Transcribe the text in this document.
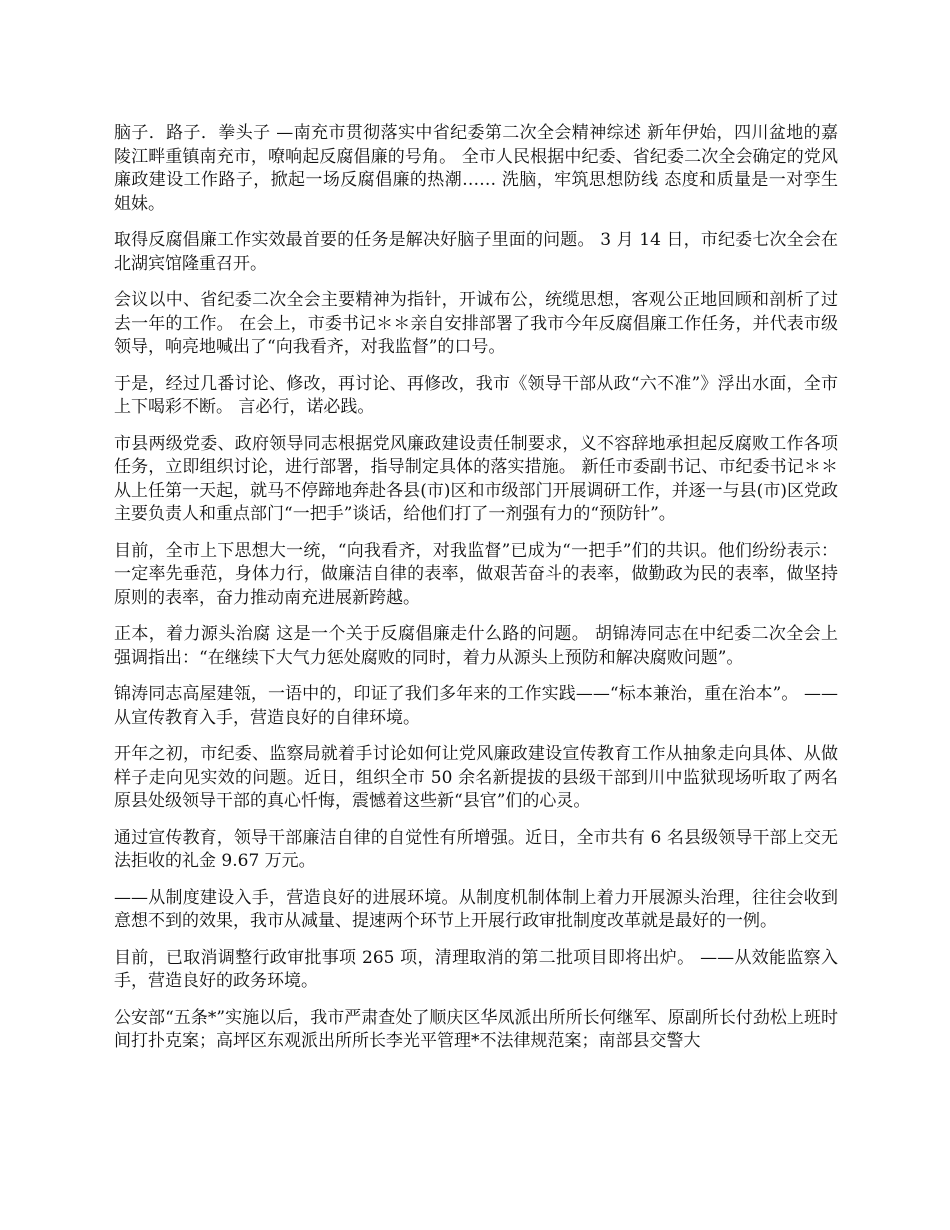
脑子．路子．拳头子 —南充市贯彻落实中省纪委第二次全会精神综述 新年伊始，四川盆地的嘉陵江畔重镇南充市，嘹响起反腐倡廉的号角。 全市人民根据中纪委、省纪委二次全会确定的党风廉政建设工作路子，掀起一场反腐倡廉的热潮…… 洗脑，牢筑思想防线 态度和质量是一对孪生姐妹。

取得反腐倡廉工作实效最首要的任务是解决好脑子里面的问题。 3 月 14 日，市纪委七次全会在北湖宾馆隆重召开。

会议以中、省纪委二次全会主要精神为指针，开诚布公，统缆思想，客观公正地回顾和剖析了过去一年的工作。 在会上，市委书记＊＊亲自安排部署了我市今年反腐倡廉工作任务，并代表市级领导，响亮地喊出了“向我看齐，对我监督”的口号。

于是，经过几番讨论、修改，再讨论、再修改，我市《领导干部从政“六不准”》浮出水面，全市上下喝彩不断。 言必行，诺必践。

市县两级党委、政府领导同志根据党风廉政建设责任制要求，义不容辞地承担起反腐败工作各项任务，立即组织讨论，进行部署，指导制定具体的落实措施。 新任市委副书记、市纪委书记＊＊从上任第一天起，就马不停蹄地奔赴各县(市)区和市级部门开展调研工作，并逐一与县(市)区党政主要负责人和重点部门“一把手”谈话，给他们打了一剂强有力的“预防针”。

目前，全市上下思想大一统，“向我看齐，对我监督”已成为“一把手”们的共识。他们纷纷表示：一定率先垂范，身体力行，做廉洁自律的表率，做艰苦奋斗的表率，做勤政为民的表率，做坚持原则的表率，奋力推动南充进展新跨越。

正本，着力源头治腐 这是一个关于反腐倡廉走什么路的问题。 胡锦涛同志在中纪委二次全会上强调指出：“在继续下大气力惩处腐败的同时，着力从源头上预防和解决腐败问题”。

锦涛同志高屋建瓴，一语中的，印证了我们多年来的工作实践——“标本兼治，重在治本”。 ——从宣传教育入手，营造良好的自律环境。

开年之初，市纪委、监察局就着手讨论如何让党风廉政建设宣传教育工作从抽象走向具体、从做样子走向见实效的问题。近日，组织全市 50 余名新提拔的县级干部到川中监狱现场听取了两名原县处级领导干部的真心忏悔，震憾着这些新“县官”们的心灵。

通过宣传教育，领导干部廉洁自律的自觉性有所增强。近日，全市共有 6 名县级领导干部上交无法拒收的礼金 9.67 万元。

——从制度建设入手，营造良好的进展环境。从制度机制体制上着力开展源头治理，往往会收到意想不到的效果，我市从减量、提速两个环节上开展行政审批制度改革就是最好的一例。

目前，已取消调整行政审批事项 265 项，清理取消的第二批项目即将出炉。 ——从效能监察入手，营造良好的政务环境。

公安部“五条*”实施以后，我市严肃查处了顺庆区华凤派出所所长何继军、原副所长付劲松上班时间打扑克案；高坪区东观派出所所长李光平管理*不法律规范案；南部县交警大
